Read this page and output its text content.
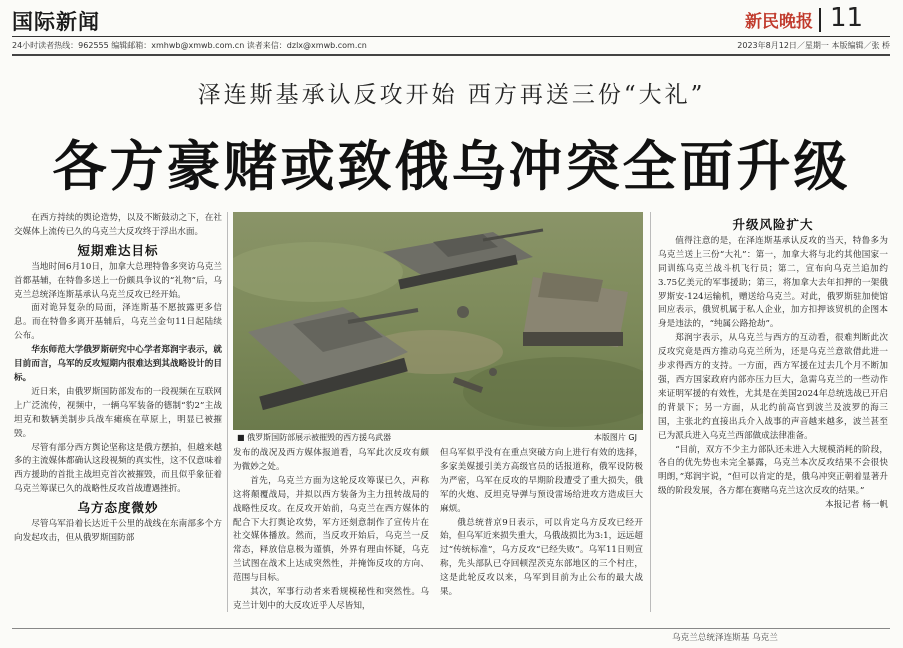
国际新闻	新民晚报 11
24小时读者热线：962555 编辑邮箱：xmhwb@xmwb.com.cn 读者来信：dzlx@xmwb.com.cn	2023年8月12日／星期一 本版编辑／张 桥
泽连斯基承认反攻开始 西方再送三份“大礼”
各方豪赌或致俄乌冲突全面升级

在西方持续的舆论造势，以及不断鼓动之下，在社交媒体上流传已久的乌克兰大反攻终于浮出水面。

短期难达目标

当地时间6月10日，加拿大总理特鲁多突访乌克兰首都基辅，在特鲁多送上一份颇具争议的“礼物”后，乌克兰总统泽连斯基承认乌克兰反攻已经开始。

面对诡异复杂的局面，泽连斯基不愿披露更多信息。而在特鲁多离开基辅后，乌克兰金句11日起陆续公布。

华东师范大学俄罗斯研究中心学者郑润宇表示，就目前而言，乌军的反攻短期内很难达到其战略设计的目标。

近日来，由俄罗斯国防部发布的一段视频在互联网上广泛流传，视频中，一辆乌军装备的德制“豹2”主战坦克和数辆美制步兵战车瘫痪在草原上，明显已被摧毁。

尽管有部分西方舆论坚称这是俄方摆拍，但越来越多的主流媒体都确认这段视频的真实性，这不仅意味着西方援助的首批主战坦克首次被摧毁，而且似乎象征着乌克兰筹谋已久的战略性反攻首战遭遇挫折。

乌方态度微妙

尽管乌军沿着长达近千公里的战线在东南部多个方向发起攻击，但从俄罗斯国防部

■ 俄罗斯国防部展示被摧毁的西方援乌武器	本版图片 GJ

发布的战况及西方媒体报道看，乌军此次反攻有颇为微妙之处。

首先，乌克兰方面为这轮反攻筹谋已久，声称这将颠覆战局，并拟以西方装备为主力扭转战局的战略性反攻。在反攻开始前，乌克兰在西方媒体的配合下大打舆论攻势，军方还刻意制作了宣传片在社交媒体播放。然而，当反攻开始后，乌克兰一反常态，释放信息极为谨慎，外界有理由怀疑，乌克兰试图在战术上达成突然性，并掩饰反攻的方向、范围与目标。

其次，军事行动者来看规模秘性和突然性。乌克兰计划中的大反攻近乎人尽皆知，

但乌军似乎没有在重点突破方向上进行有效的选择，多家美媒援引美方高级官员的话报道称，俄军设防极为严密，乌军在反攻的早期阶段遭受了重大损失，俄军的火炮、反坦克导弹与预设雷场给进攻方造成巨大麻烦。

俄总统普京9日表示，可以肯定乌方反攻已经开始，但乌军近来损失重大，乌俄战损比为3:1，远远超过“传统标准”，乌方反攻“已经失败”。乌军11日则宣称，先头部队已夺回顿涅茨克东部地区的三个村庄，这是此轮反攻以来，乌军到目前为止公布的最大战果。

升级风险扩大

值得注意的是，在泽连斯基承认反攻的当天，特鲁多为乌克兰送上三份“大礼”：第一，加拿大将与北约其他国家一同训练乌克兰战斗机飞行员；第二，宣布向乌克兰追加约3.75亿美元的军事援助；第三，将加拿大去年扣押的一架俄罗斯安-124运输机，赠送给乌克兰。对此，俄罗斯驻加使馆回应表示，俄贸机属于私人企业，加方扣押该贸机的企图本身是违法的，“纯属公路抢劫”。

郑润宇表示，从乌克兰与西方的互动看，很难判断此次反攻究竟是西方推动乌克兰所为，还是乌克兰意欲借此进一步求得西方的支持。一方面，西方军援在过去几个月不断加强，西方国家政府内部亦压力巨大，急需乌克兰的一些动作来证明军援的有效性，尤其是在美国2024年总统选战已开启的背景下；另一方面，从北约前高官到波兰及波罗的海三国，主张北约直接出兵介入战事的声音越来越多，波兰甚至已为派兵进入乌克兰西部做成法律准备。

“目前，双方不少主力部队还未进入大规模消耗的阶段，各自的优先势也未完全暴露，乌克兰本次反攻结果不会很快明朗，”郑润宇说，“但可以肯定的是，俄乌冲突正朝着显著升级的阶段发展，各方都在赛赌乌克兰这次反攻的结果。”

本报记者 杨一帆

乌克兰总统泽连斯基 乌克兰
